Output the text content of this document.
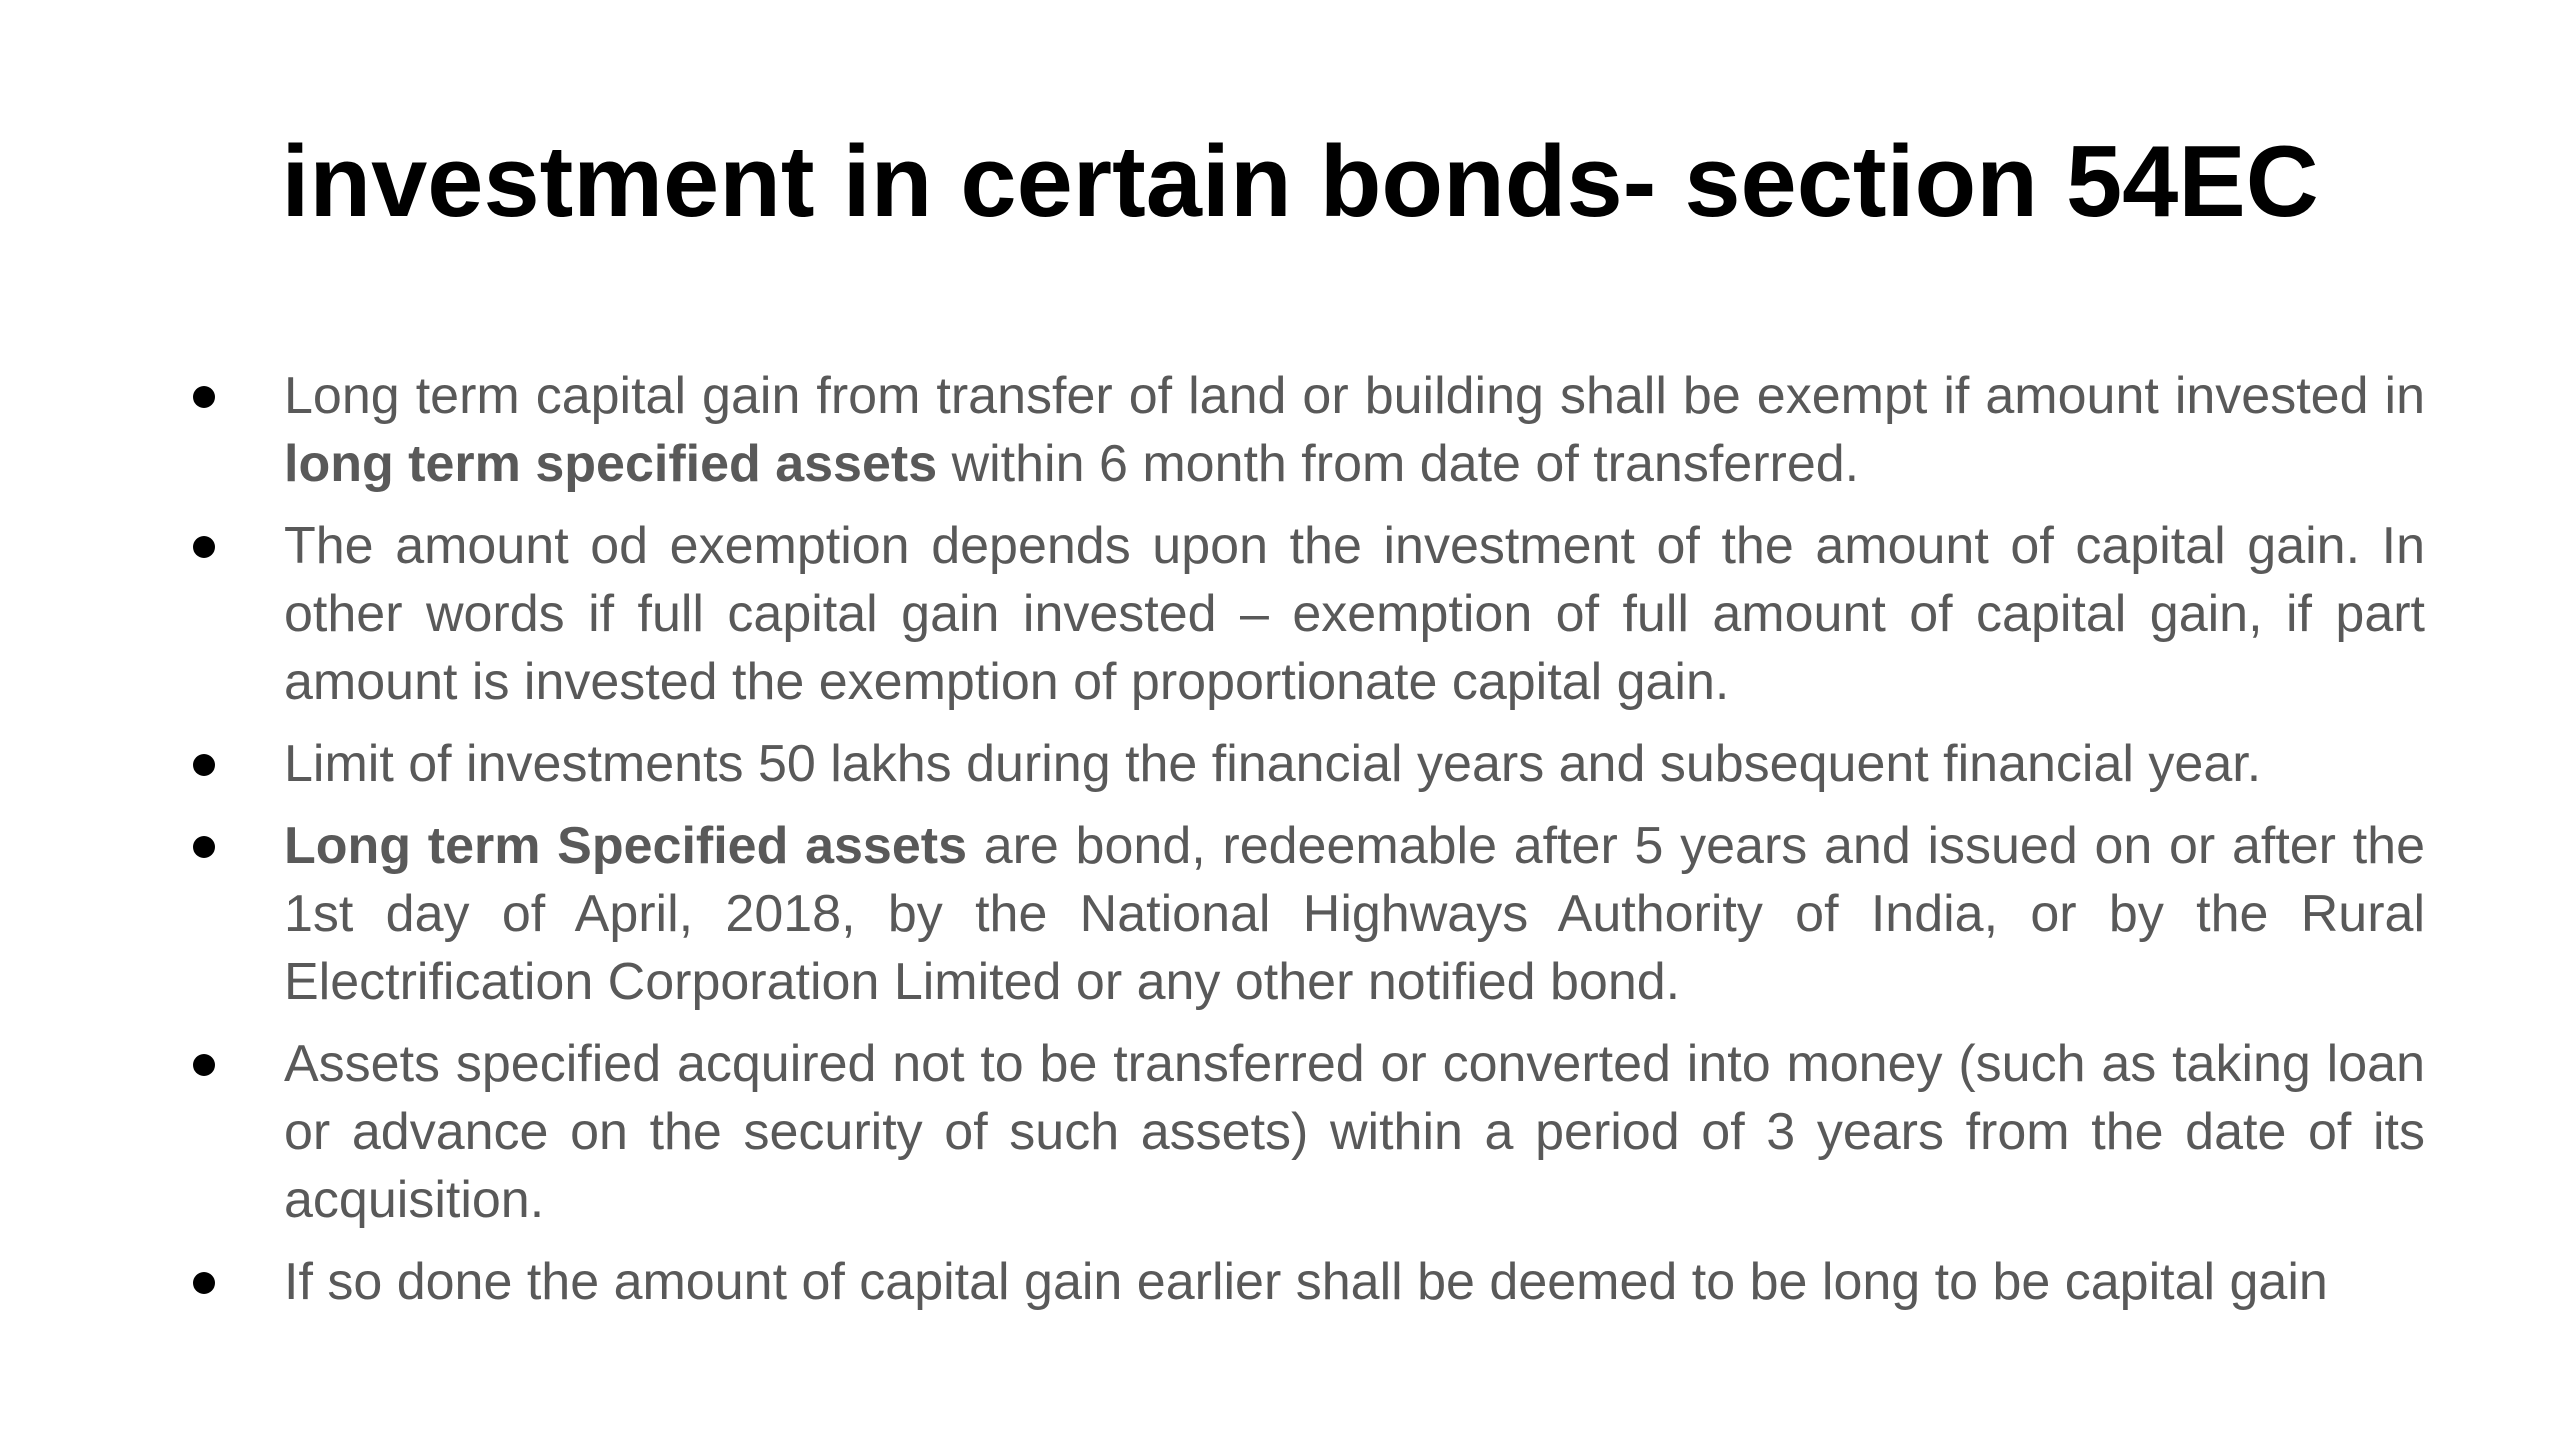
investment in certain bonds- section 54EC
Long term capital gain from transfer of land or building shall be exempt if amount invested in long term specified assets within 6 month from date of transferred.
The amount od exemption depends upon the investment of the amount of capital gain. In other words if full capital gain invested – exemption of full amount of capital gain, if part amount is invested the exemption of proportionate capital gain.
Limit of investments 50 lakhs during the financial years and subsequent financial year.
Long term Specified assets are bond, redeemable after 5 years and issued on or after the 1st day of April, 2018, by the National Highways Authority of India, or by the Rural Electrification Corporation Limited or any other notified bond.
Assets specified acquired not to be transferred or converted into money (such as taking loan or advance on the security of such assets) within a period of 3 years from the date of its acquisition.
If so done the amount of capital gain earlier shall be deemed to be long to be capital gain
